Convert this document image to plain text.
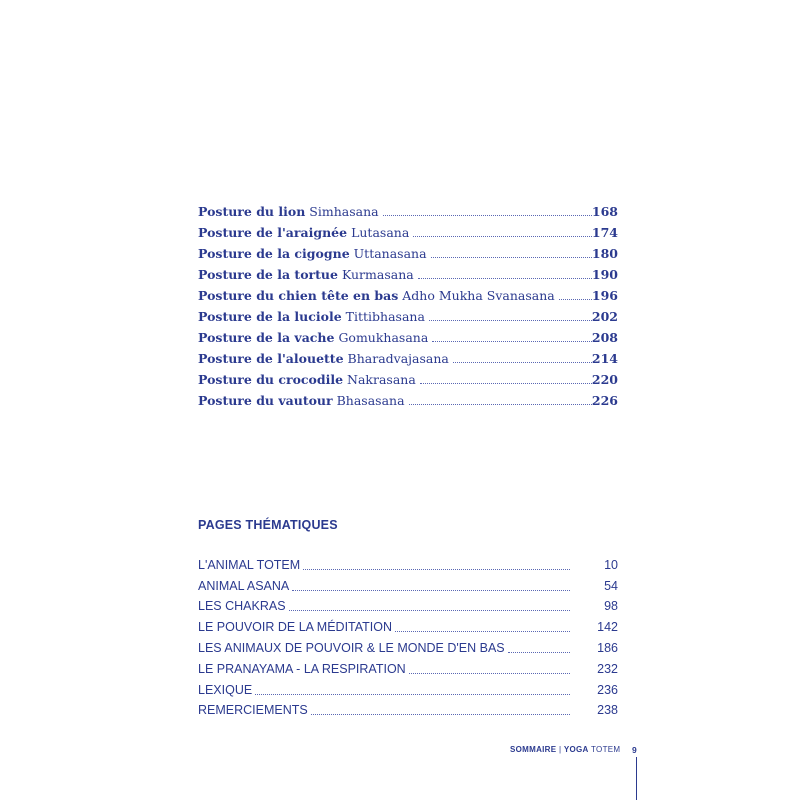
Posture du lion Simhasana	168
Posture de l'araignée Lutasana	174
Posture de la cigogne Uttanasana	180
Posture de la tortue Kurmasana	190
Posture du chien tête en bas Adho Mukha Svanasana	196
Posture de la luciole Tittibhasana	202
Posture de la vache Gomukhasana	208
Posture de l'alouette Bharadvajasana	214
Posture du crocodile Nakrasana	220
Posture du vautour Bhasasana	226
PAGES THÉMATIQUES
L'ANIMAL TOTEM	10
ANIMAL ASANA	54
LES CHAKRAS	98
LE POUVOIR DE LA MÉDITATION	142
LES ANIMAUX DE POUVOIR & LE MONDE D'EN BAS	186
LE PRANAYAMA - LA RESPIRATION	232
LEXIQUE	236
REMERCIEMENTS	238
SOMMAIRE | YOGA TOTEM 9
